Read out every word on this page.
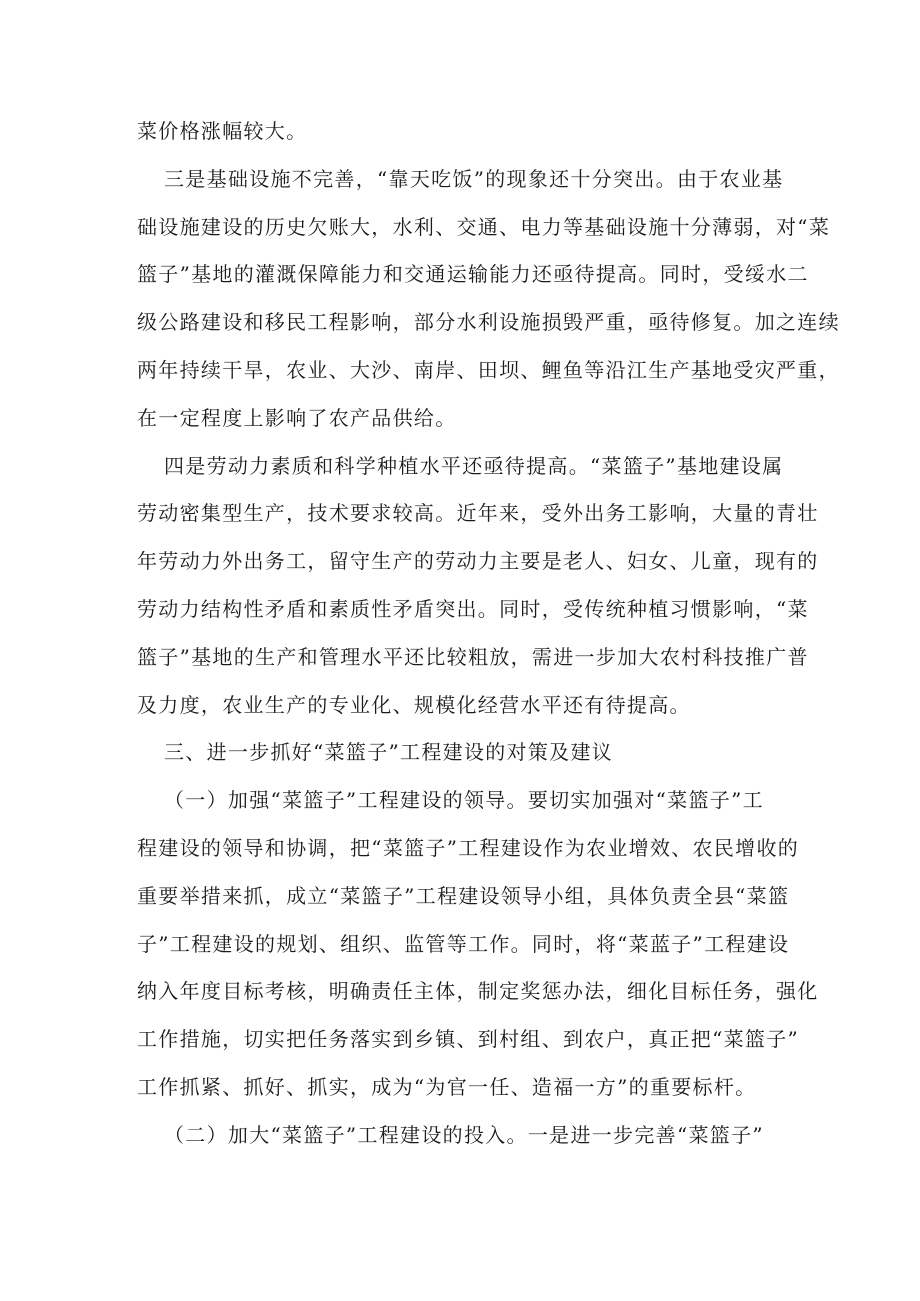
菜价格涨幅较大。

三是基础设施不完善，“靠天吃饭”的现象还十分突出。由于农业基
础设施建设的历史欠账大，水利、交通、电力等基础设施十分薄弱，对“菜
篮子”基地的灌溉保障能力和交通运输能力还亟待提高。同时，受绥水二
级公路建设和移民工程影响，部分水利设施损毁严重，亟待修复。加之连续
两年持续干旱，农业、大沙、南岸、田坝、鲤鱼等沿江生产基地受灾严重，
在一定程度上影响了农产品供给。

四是劳动力素质和科学种植水平还亟待提高。“菜篮子”基地建设属
劳动密集型生产，技术要求较高。近年来，受外出务工影响，大量的青壮
年劳动力外出务工，留守生产的劳动力主要是老人、妇女、儿童，现有的
劳动力结构性矛盾和素质性矛盾突出。同时，受传统种植习惯影响，“菜
篮子”基地的生产和管理水平还比较粗放，需进一步加大农村科技推广普
及力度，农业生产的专业化、规模化经营水平还有待提高。

三、进一步抓好“菜篮子”工程建设的对策及建议

（一）加强“菜篮子”工程建设的领导。要切实加强对“菜篮子”工
程建设的领导和协调，把“菜篮子”工程建设作为农业增效、农民增收的
重要举措来抓，成立“菜篮子”工程建设领导小组，具体负责全县“菜篮
子”工程建设的规划、组织、监管等工作。同时，将“菜蓝子”工程建设
纳入年度目标考核，明确责任主体，制定奖惩办法，细化目标任务，强化
工作措施，切实把任务落实到乡镇、到村组、到农户，真正把“菜篮子”
工作抓紧、抓好、抓实，成为“为官一任、造福一方”的重要标杆。

（二）加大“菜篮子”工程建设的投入。一是进一步完善“菜篮子”
